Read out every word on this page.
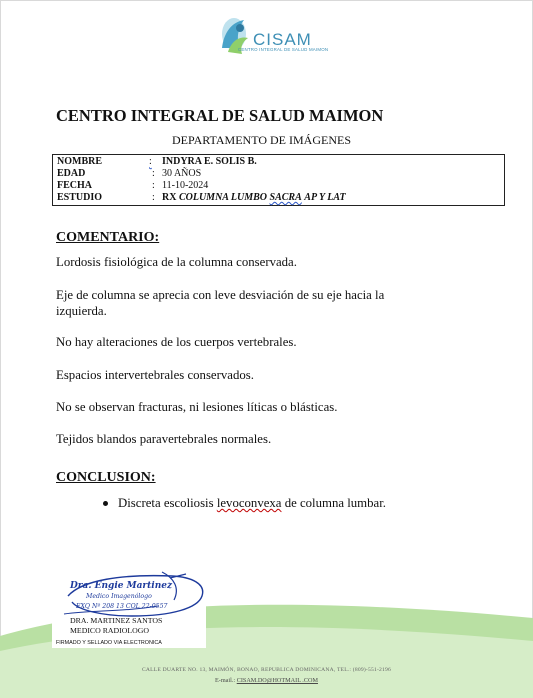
CISAM
CENTRO INTEGRAL DE SALUD MAIMON
CENTRO INTEGRAL DE SALUD MAIMON
DEPARTAMENTO DE IMÁGENES
NOMBRE	: INDYRA E. SOLIS B.
EDAD	: 30 AÑOS
FECHA	: 11-10-2024
ESTUDIO	: RX COLUMNA LUMBO SACRA AP Y LAT
COMENTARIO:
Lordosis fisiológica de la columna conservada.
Eje de columna se aprecia con leve desviación de su eje hacia la izquierda.
No hay alteraciones de los cuerpos vertebrales.
Espacios intervertebrales conservados.
No se observan fracturas, ni lesiones líticas o blásticas.
Tejidos blandos paravertebrales normales.
CONCLUSION:
Discreta escoliosis levoconvexa de columna lumbar.
Dra. Engie Martinez
Medico Imagenólogo
EXQ Nº 208 13 COL 22-0557
DRA. MARTINEZ SANTOS
MEDICO RADIOLOGO
FIRMADO Y SELLADO VIA ELECTRONICA
CALLE DUARTE NO. 13, MAIMÓN, BONAO, REPUBLICA DOMINICANA, TEL.: (809)-551-2196
E-mail.: CISAM.DO@HOTMAIL .COM
